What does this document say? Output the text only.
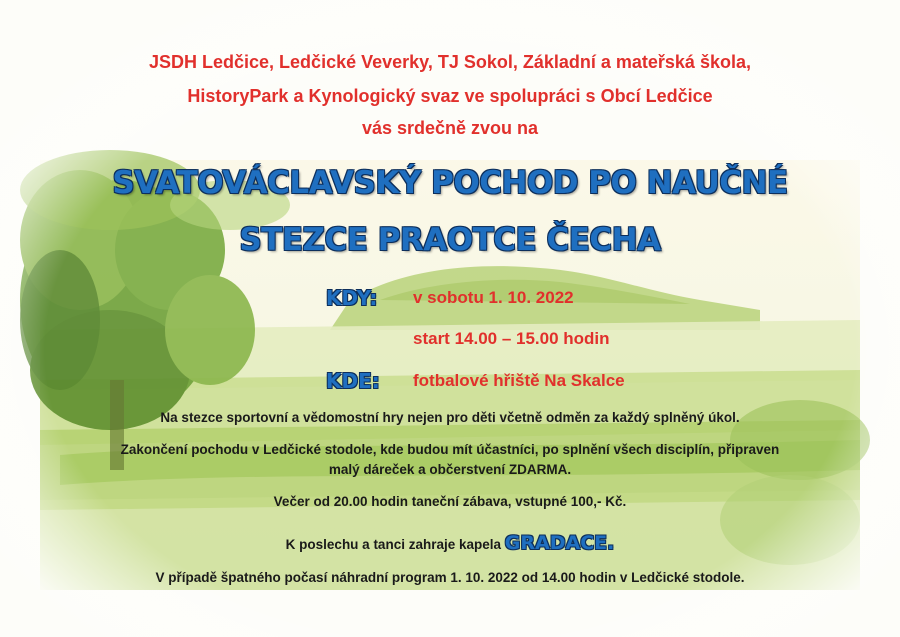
JSDH Ledčice, Ledčické Veverky, TJ Sokol, Základní a mateřská škola,
HistoryPark a Kynologický svaz ve spolupráci s Obcí Ledčice
vás srdečně zvou na
SVATOVÁCLAVSKÝ POCHOD PO NAUČNÉ
STEZCE PRAOTCE ČECHA
KDY: v sobotu 1. 10. 2022
start 14.00 – 15.00 hodin
KDE: fotbalové hřiště Na Skalce
Na stezce sportovní a vědomostní hry nejen pro děti včetně odměn za každý splněný úkol.
Zakončení pochodu v Ledčické stodole, kde budou mít účastníci, po splnění všech disciplín, připraven
malý dáreček a občerstvení ZDARMA.
Večer od 20.00 hodin taneční zábava, vstupné 100,- Kč.
K poslechu a tanci zahraje kapela GRADACE.
V případě špatného počasí náhradní program 1. 10. 2022 od 14.00 hodin v Ledčické stodole.
